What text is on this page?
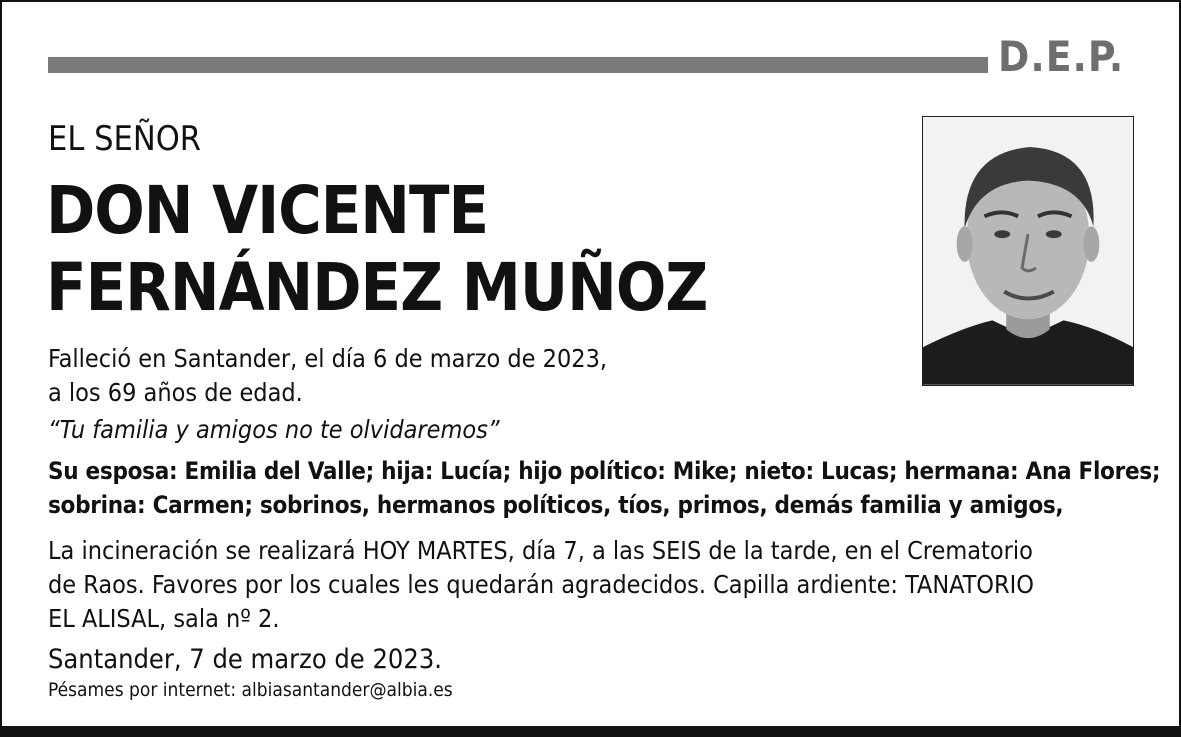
D.E.P.
EL SEÑOR
DON VICENTE
FERNÁNDEZ MUÑOZ
Falleció en Santander, el día 6 de marzo de 2023,
a los 69 años de edad.
“Tu familia y amigos no te olvidaremos”
Su esposa: Emilia del Valle; hija: Lucía; hijo político: Mike; nieto: Lucas; hermana: Ana Flores;
sobrina: Carmen; sobrinos, hermanos políticos, tíos, primos, demás familia y amigos,
La incineración se realizará HOY MARTES, día 7, a las SEIS de la tarde, en el Crematorio
de Raos. Favores por los cuales les quedarán agradecidos. Capilla ardiente: TANATORIO
EL ALISAL, sala nº 2.
Santander, 7 de marzo de 2023.
Pésames por internet: albiasantander@albia.es
